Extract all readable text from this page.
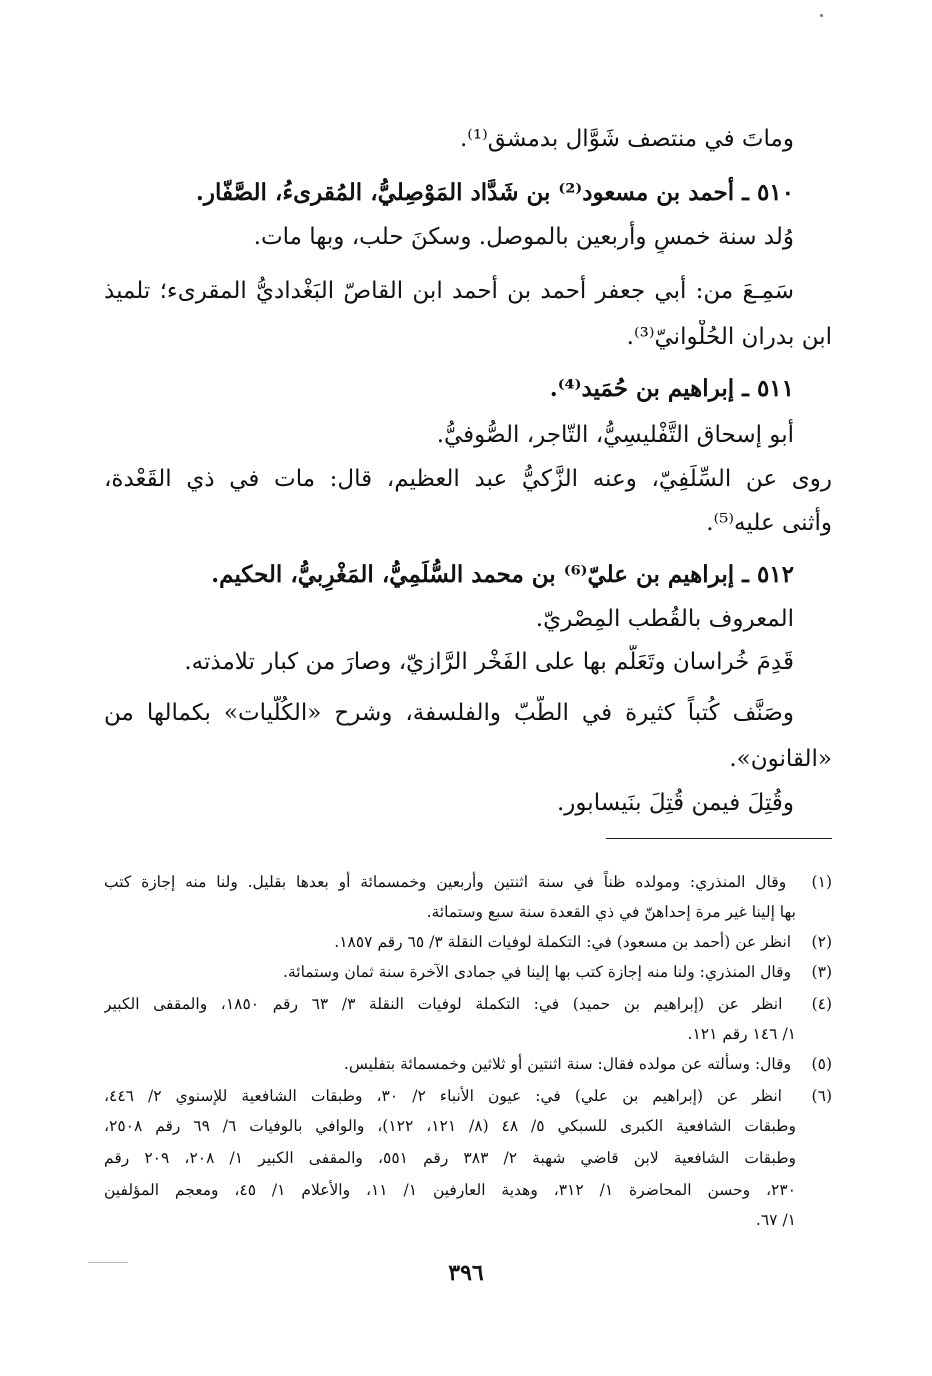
وماتَ في منتصف شَوَّال بدمشق⁽¹⁾.
٥١٠ ـ أحمد بن مسعود⁽²⁾ بن شَدَّاد المَوْصِليُّ، المُقرىءُ، الصَّفّار.
وُلد سنة خمسٍ وأربعين بالموصل. وسكنَ حلب، وبها مات.
سَمِـعَ من: أبي جعفر أحمد بن أحمد ابن القاصّ البَغْداديُّ المقرىء؛ تلميذ
ابن بدران الحُلْوانيّ⁽³⁾.
٥١١ ـ إبراهيم بن حُمَيد⁽⁴⁾.
أبو إسحاق التَّفْليسِيُّ، التّاجر، الصُّوفيُّ.
روى عن السِّلَفِيّ، وعنه الزَّكيُّ عبد العظيم، قال: مات في ذي القَعْدة،
وأثنى عليه⁽⁵⁾.
٥١٢ ـ إبراهيم بن عليّ⁽⁶⁾ بن محمد السُّلَمِيُّ، المَغْرِبيُّ، الحكيم.
المعروف بالقُطب المِصْريّ.
قَدِمَ خُراسان وتَعَلَّم بها على الفَخْر الرَّازيّ، وصارَ من كبار تلامذته.
وصَنَّف كُتباً كثيرة في الطّبّ والفلسفة، وشرح «الكُلّيات» بكمالها من
«القانون».
وقُتِلَ فيمن قُتِلَ بنَيسابور.
(١) وقال المنذري: ومولده ظناً في سنة اثنتين وأربعين وخمسمائة أو بعدها بقليل. ولنا منه إجازة كتب
بها إلينا غير مرة إحداهنّ في ذي القعدة سنة سبع وستمائة.
(٢) انظر عن (أحمد بن مسعود) في: التكملة لوفيات النقلة ٣/ ٦٥ رقم ١٨٥٧.
(٣) وقال المنذري: ولنا منه إجازة كتب بها إلينا في جمادى الآخرة سنة ثمان وستمائة.
(٤) انظر عن (إبراهيم بن حميد) في: التكملة لوفيات النقلة ٣/ ٦٣ رقم ١٨٥٠، والمقفى الكبير
١/ ١٤٦ رقم ١٢١.
(٥) وقال: وسألته عن مولده فقال: سنة اثنتين أو ثلاثين وخمسمائة بتفليس.
(٦) انظر عن (إبراهيم بن علي) في: عيون الأنباء ٢/ ٣٠، وطبقات الشافعية للإسنوي ٢/ ٤٤٦،
وطبقات الشافعية الكبرى للسبكي ٥/ ٤٨ (٨/ ١٢١، ١٢٢)، والوافي بالوفيات ٦/ ٦٩ رقم ٢٥٠٨،
وطبقات الشافعية لابن قاضي شهبة ٢/ ٣٨٣ رقم ٥٥١، والمقفى الكبير ١/ ٢٠٨، ٢٠٩ رقم
٢٣٠، وحسن المحاضرة ١/ ٣١٢، وهدية العارفين ١/ ١١، والأعلام ١/ ٤٥، ومعجم المؤلفين
١/ ٦٧.
٣٩٦
